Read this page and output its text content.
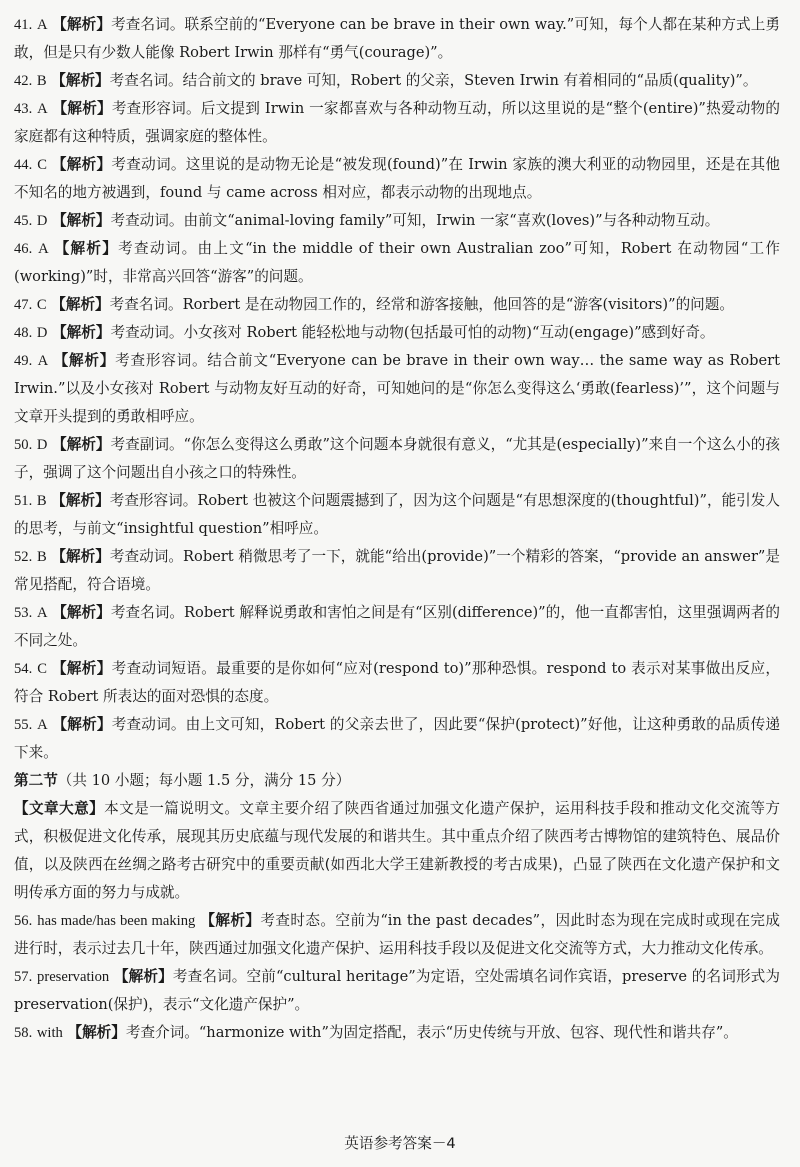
41. A 【解析】考查名词。联系空前的“Everyone can be brave in their own way.”可知，每个人都在某种方式上勇敢，但是只有少数人能像 Robert Irwin 那样有“勇气(courage)”。
42. B 【解析】考查名词。结合前文的 brave 可知，Robert 的父亲，Steven Irwin 有着相同的“品质(quality)”。
43. A 【解析】考查形容词。后文提到 Irwin 一家都喜欢与各种动物互动，所以这里说的是“整个(entire)”热爱动物的家庭都有这种特质，强调家庭的整体性。
44. C 【解析】考查动词。这里说的是动物无论是“被发现(found)”在 Irwin 家族的澳大利亚的动物园里，还是在其他不知名的地方被遇到，found 与 came across 相对应，都表示动物的出现地点。
45. D 【解析】考查动词。由前文“animal-loving family”可知，Irwin 一家“喜欢(loves)”与各种动物互动。
46. A 【解析】考查动词。由上文“in the middle of their own Australian zoo”可知，Robert 在动物园“工作(working)”时，非常高兴回答“游客”的问题。
47. C 【解析】考查名词。Rorbert 是在动物园工作的，经常和游客接触，他回答的是“游客(visitors)”的问题。
48. D 【解析】考查动词。小女孩对 Robert 能轻松地与动物(包括最可怕的动物)“互动(engage)”感到好奇。
49. A 【解析】考查形容词。结合前文“Everyone can be brave in their own way… the same way as Robert Irwin.”以及小女孩对 Robert 与动物友好互动的好奇，可知她问的是“你怎么变得这么‘勇敢(fearless)’”，这个问题与文章开头提到的勇敢相呼应。
50. D 【解析】考查副词。“你怎么变得这么勇敢”这个问题本身就很有意义，“尤其是(especially)”来自一个这么小的孩子，强调了这个问题出自小孩之口的特殊性。
51. B 【解析】考查形容词。Robert 也被这个问题震撼到了，因为这个问题是“有思想深度的(thoughtful)”，能引发人的思考，与前文“insightful question”相呼应。
52. B 【解析】考查动词。Robert 稍微思考了一下，就能“给出(provide)”一个精彩的答案，“provide an answer”是常见搭配，符合语境。
53. A 【解析】考查名词。Robert 解释说勇敢和害怕之间是有“区别(difference)”的，他一直都害怕，这里强调两者的不同之处。
54. C 【解析】考查动词短语。最重要的是你如何“应对(respond to)”那种恐惧。respond to 表示对某事做出反应，符合 Robert 所表达的面对恐惧的态度。
55. A 【解析】考查动词。由上文可知，Robert 的父亲去世了，因此要“保护(protect)”好他，让这种勇敢的品质传递下来。
第二节（共 10 小题；每小题 1.5 分，满分 15 分）
【文章大意】本文是一篇说明文。文章主要介绍了陕西省通过加强文化遗产保护，运用科技手段和推动文化交流等方式，积极促进文化传承，展现其历史底蕴与现代发展的和谐共生。其中重点介绍了陕西考古博物馆的建筑特色、展品价值，以及陕西在丝绸之路考古研究中的重要贡献(如西北大学王建新教授的考古成果)，凸显了陕西在文化遗产保护和文明传承方面的努力与成就。
56. has made/has been making 【解析】考查时态。空前为“in the past decades”，因此时态为现在完成时或现在完成进行时，表示过去几十年，陕西通过加强文化遗产保护、运用科技手段以及促进文化交流等方式，大力推动文化传承。
57. preservation 【解析】考查名词。空前“cultural heritage”为定语，空处需填名词作宾语，preserve 的名词形式为 preservation(保护)，表示“文化遗产保护”。
58. with 【解析】考查介词。“harmonize with”为固定搭配，表示“历史传统与开放、包容、现代性和谐共存”。
英语参考答案－4
